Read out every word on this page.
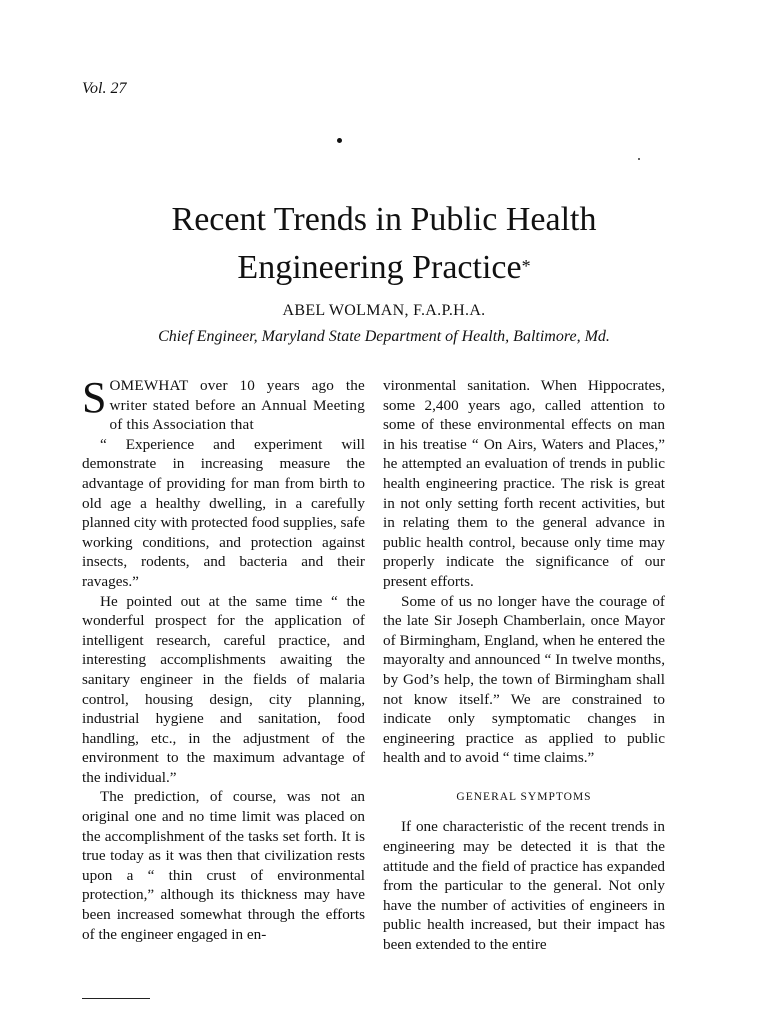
Vol. 27
Recent Trends in Public Health
Engineering Practice*
ABEL WOLMAN, F.A.P.H.A.
Chief Engineer, Maryland State Department of Health, Baltimore, Md.

SOMEWHAT over 10 years ago the writer stated before an Annual Meeting of this Association that

“ Experience and experiment will demonstrate in increasing measure the advantage of providing for man from birth to old age a healthy dwelling, in a carefully planned city with protected food supplies, safe working conditions, and protection against insects, rodents, and bacteria and their ravages.”

He pointed out at the same time “ the wonderful prospect for the application of intelligent research, careful practice, and interesting accomplishments awaiting the sanitary engineer in the fields of malaria control, housing design, city planning, industrial hygiene and sanitation, food handling, etc., in the adjustment of the environment to the maximum advantage of the individual.”

The prediction, of course, was not an original one and no time limit was placed on the accomplishment of the tasks set forth. It is true today as it was then that civilization rests upon a “ thin crust of environmental protection,” although its thickness may have been increased somewhat through the efforts of the engineer engaged in en-

vironmental sanitation. When Hippocrates, some 2,400 years ago, called attention to some of these environmental effects on man in his treatise “ On Airs, Waters and Places,” he attempted an evaluation of trends in public health engineering practice. The risk is great in not only setting forth recent activities, but in relating them to the general advance in public health control, because only time may properly indicate the significance of our present efforts.

Some of us no longer have the courage of the late Sir Joseph Chamberlain, once Mayor of Birmingham, England, when he entered the mayoralty and announced “ In twelve months, by God’s help, the town of Birmingham shall not know itself.” We are constrained to indicate only symptomatic changes in engineering practice as applied to public health and to avoid “ time claims.”

GENERAL SYMPTOMS

If one characteristic of the recent trends in engineering may be detected it is that the attitude and the field of practice has expanded from the particular to the general. Not only have the number of activities of engineers in public health increased, but their impact has been extended to the entire
